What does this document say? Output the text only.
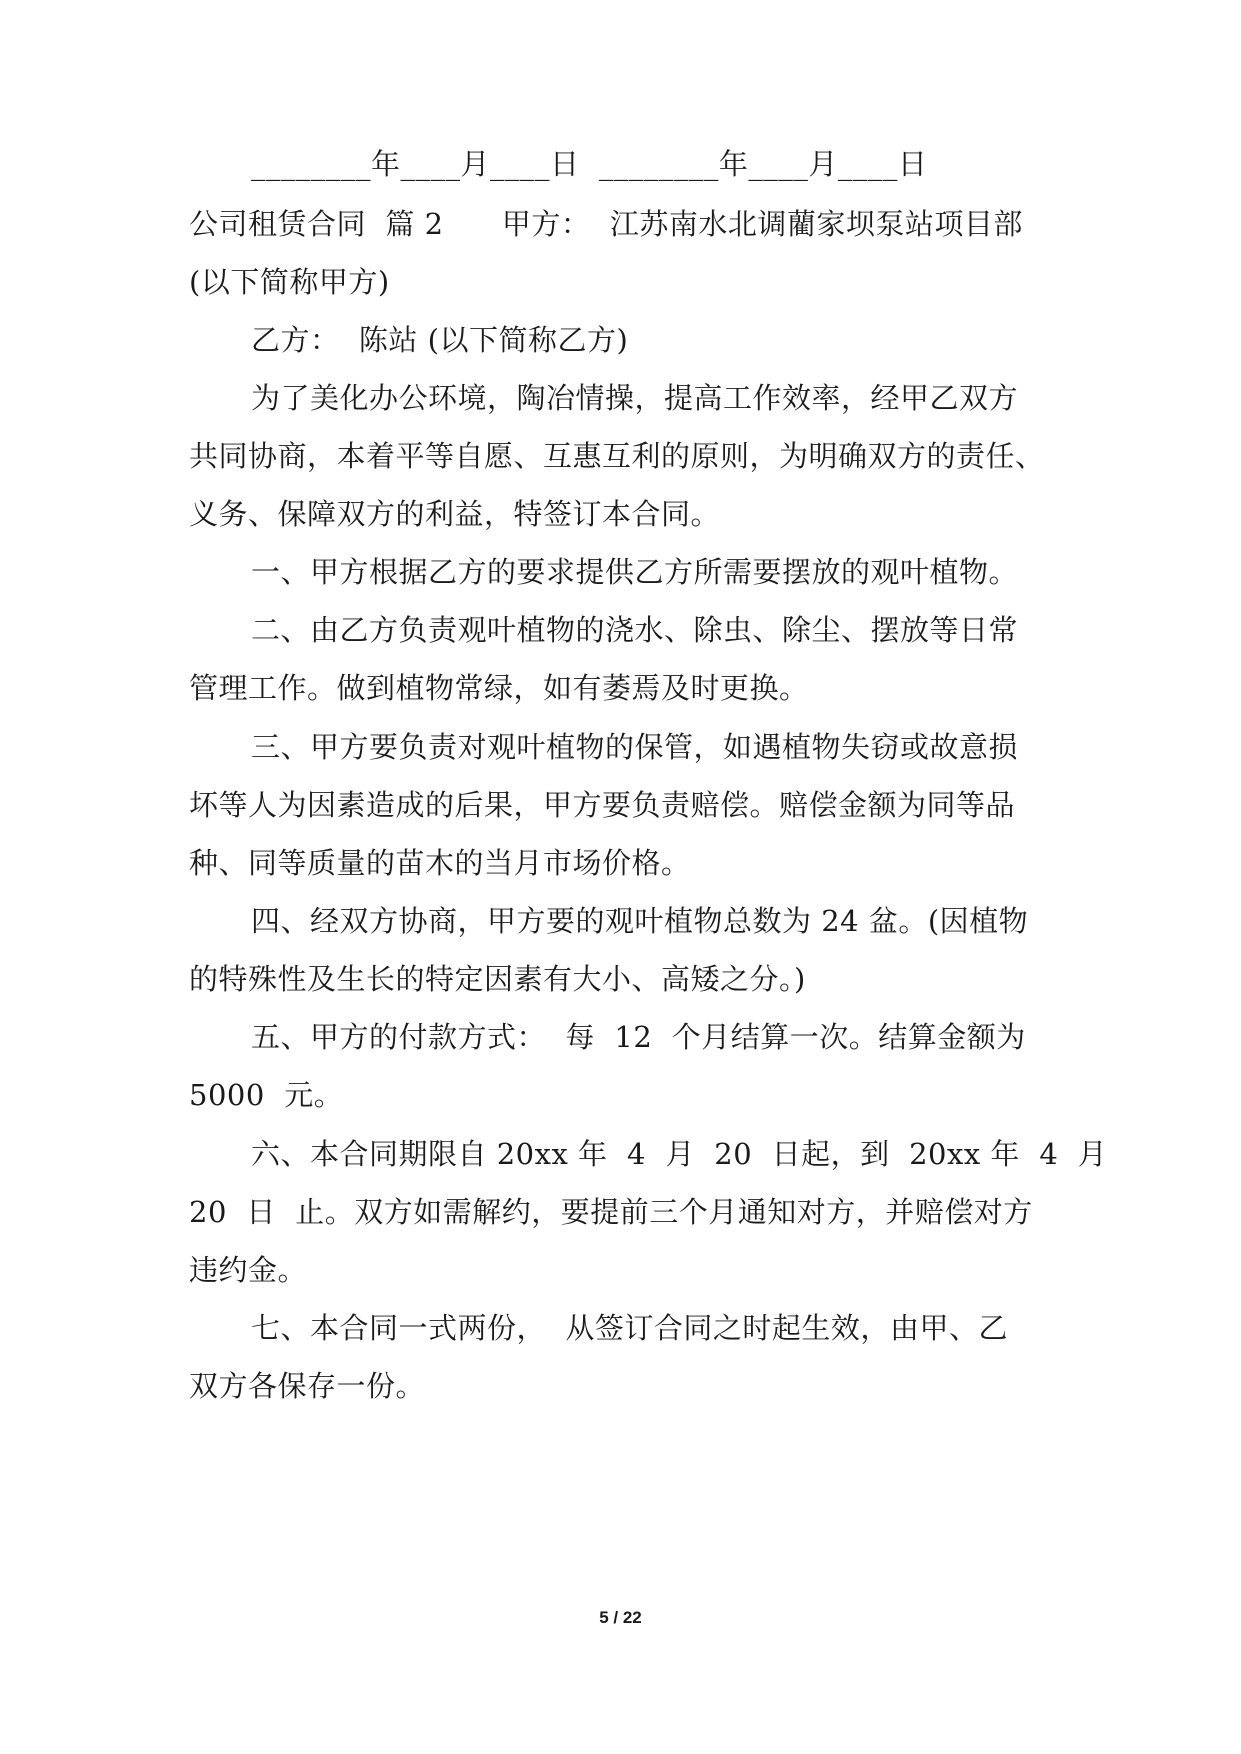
________年____月____日  ________年____月____日
公司租赁合同  篇 2      甲方：  江苏南水北调藺家坝泵站项目部
(以下简称甲方)
乙方：  陈站 (以下简称乙方)
为了美化办公环境，陶冶情操，提高工作效率，经甲乙双方
共同协商，本着平等自愿、互惠互利的原则，为明确双方的责任、
义务、保障双方的利益，特签订本合同。
一、甲方根据乙方的要求提供乙方所需要摆放的观叶植物。
二、由乙方负责观叶植物的浇水、除虫、除尘、摆放等日常
管理工作。做到植物常绿，如有萎焉及时更换。
三、甲方要负责对观叶植物的保管，如遇植物失窃或故意损
坏等人为因素造成的后果，甲方要负责赔偿。赔偿金额为同等品
种、同等质量的苗木的当月市场价格。
四、经双方协商，甲方要的观叶植物总数为 24 盆。(因植物
的特殊性及生长的特定因素有大小、高矮之分。)
五、甲方的付款方式：  每  12  个月结算一次。结算金额为
5000  元。
六、本合同期限自 20xx 年  4  月  20  日起，到  20xx 年  4  月
20  日  止。双方如需解约，要提前三个月通知对方，并赔偿对方
违约金。
七、本合同一式两份，  从签订合同之时起生效，由甲、乙
双方各保存一份。
5 / 22
